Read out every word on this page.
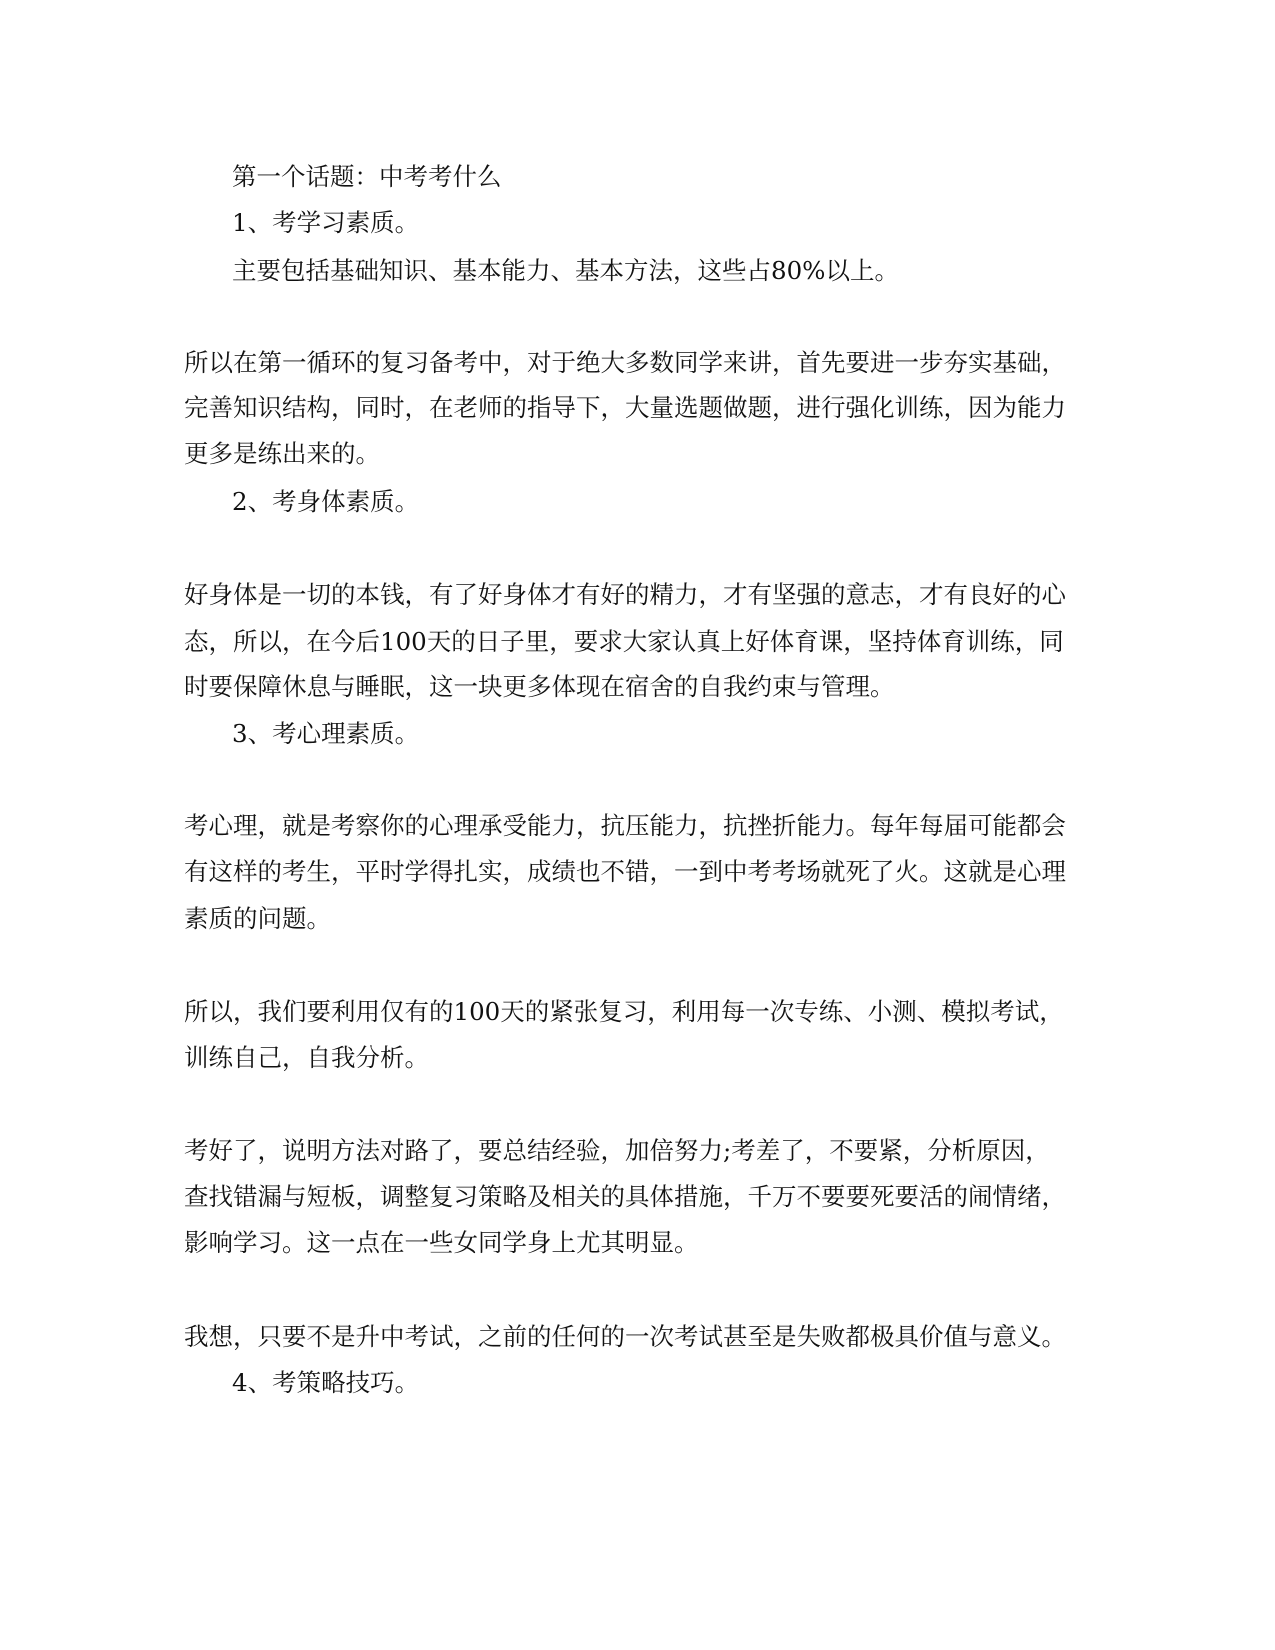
第一个话题：中考考什么
1、考学习素质。
主要包括基础知识、基本能力、基本方法，这些占80%以上。
所以在第一循环的复习备考中，对于绝大多数同学来讲，首先要进一步夯实基础，
完善知识结构，同时，在老师的指导下，大量选题做题，进行强化训练，因为能力
更多是练出来的。
2、考身体素质。
好身体是一切的本钱，有了好身体才有好的精力，才有坚强的意志，才有良好的心
态，所以，在今后100天的日子里，要求大家认真上好体育课，坚持体育训练，同
时要保障休息与睡眠，这一块更多体现在宿舍的自我约束与管理。
3、考心理素质。
考心理，就是考察你的心理承受能力，抗压能力，抗挫折能力。每年每届可能都会
有这样的考生，平时学得扎实，成绩也不错，一到中考考场就死了火。这就是心理
素质的问题。
所以，我们要利用仅有的100天的紧张复习，利用每一次专练、小测、模拟考试，
训练自己，自我分析。
考好了，说明方法对路了，要总结经验，加倍努力;考差了，不要紧，分析原因，
查找错漏与短板，调整复习策略及相关的具体措施，千万不要要死要活的闹情绪，
影响学习。这一点在一些女同学身上尤其明显。
我想，只要不是升中考试，之前的任何的一次考试甚至是失败都极具价值与意义。
4、考策略技巧。
